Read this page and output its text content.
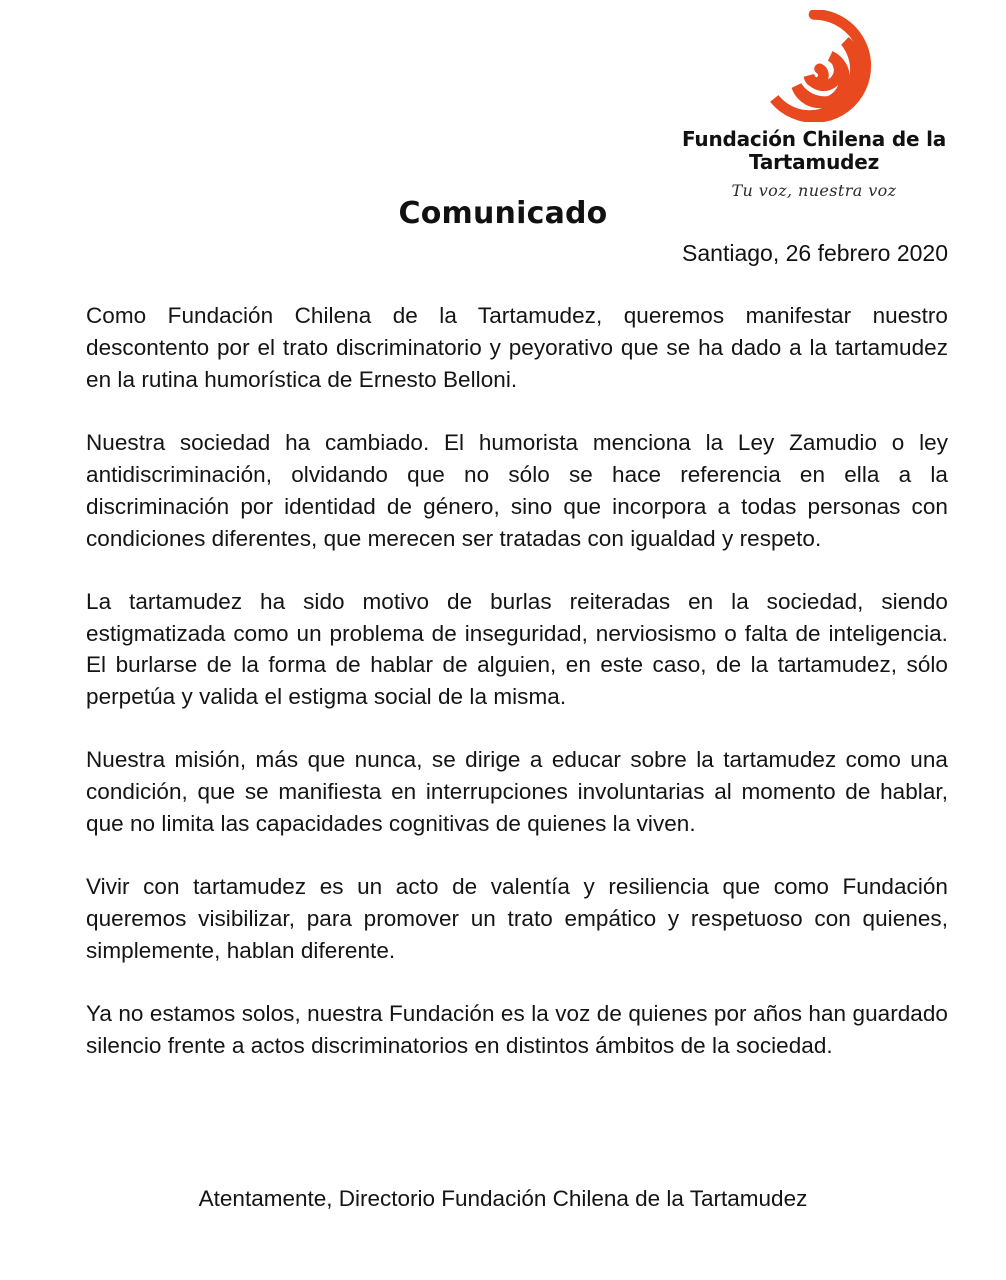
Fundación Chilena de la
Tartamudez
Tu voz, nuestra voz
Comunicado
Santiago, 26 febrero 2020

Como Fundación Chilena de la Tartamudez, queremos manifestar nuestro descontento por el trato discriminatorio y peyorativo que se ha dado a la tartamudez en la rutina humorística de Ernesto Belloni.

Nuestra sociedad ha cambiado. El humorista menciona la Ley Zamudio o ley antidiscriminación, olvidando que no sólo se hace referencia en ella a la discriminación por identidad de género, sino que incorpora a todas personas con condiciones diferentes, que merecen ser tratadas con igualdad y respeto.

La tartamudez ha sido motivo de burlas reiteradas en la sociedad, siendo estigmatizada como un problema de inseguridad, nerviosismo o falta de inteligencia. El burlarse de la forma de hablar de alguien, en este caso, de la tartamudez, sólo perpetúa y valida el estigma social de la misma.

Nuestra misión, más que nunca, se dirige a educar sobre la tartamudez como una condición, que se manifiesta en interrupciones involuntarias al momento de hablar, que no limita las capacidades cognitivas de quienes la viven.

Vivir con tartamudez es un acto de valentía y resiliencia que como Fundación queremos visibilizar, para promover un trato empático y respetuoso con quienes, simplemente, hablan diferente.

Ya no estamos solos, nuestra Fundación es la voz de quienes por años han guardado silencio frente a actos discriminatorios en distintos ámbitos de la sociedad.

Atentamente, Directorio Fundación Chilena de la Tartamudez
